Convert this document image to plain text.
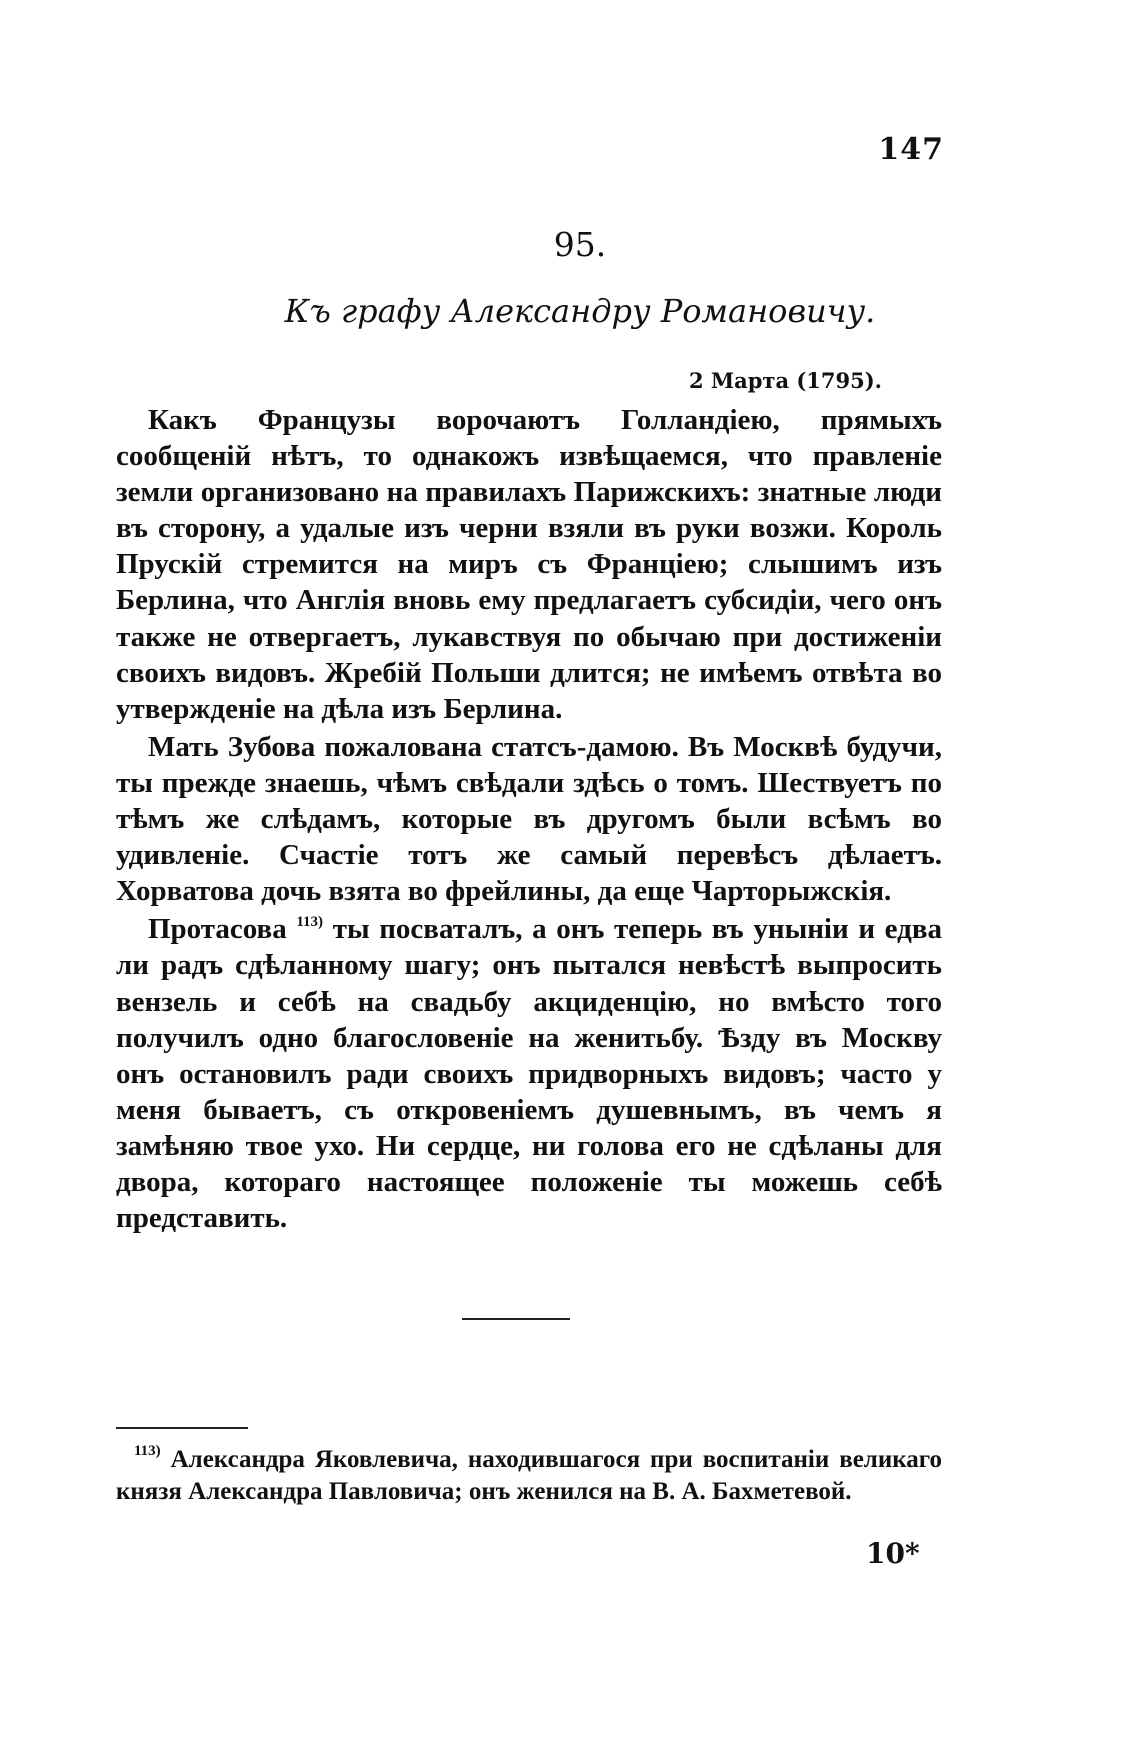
147
95.
Къ графу Александру Романовичу.
2 Марта (1795).

Какъ Французы ворочаютъ Голландiею, прямыхъ сообщенiй нѣтъ, то однакожъ извѣщаемся, что правленiе земли организовано на правилахъ Парижскихъ: знатные люди въ сторону, а удалые изъ черни взяли въ руки возжи. Король Прускiй стремится на миръ съ Францiею; слышимъ изъ Берлина, что Англiя вновь ему предлагаетъ субсидiи, чего онъ также не отвергаетъ, лукавствуя по обычаю при достиженiи своихъ видовъ. Жребiй Польши длится; не имѣемъ отвѣта во утвержденiе на дѣла изъ Берлина.

Мать Зубова пожалована статсъ-дамою. Въ Москвѣ будучи, ты прежде знаешь, чѣмъ свѣдали здѣсь о томъ. Шествуетъ по тѣмъ же слѣдамъ, которые въ другомъ были всѣмъ во удивленiе. Счастiе тотъ же самый перевѣсъ дѣлаетъ. Хорватова дочь взята во фрейлины, да еще Чарторыжскiя.

Протасова $^{113)}$ ты посваталъ, а онъ теперь въ унынiи и едва ли радъ сдѣланному шагу; онъ пытался невѣстѣ выпросить вензель и себѣ на свадьбу акциденцiю, но вмѣсто того получилъ одно благословенiе на женитьбу. Ѣзду въ Москву онъ остановилъ ради своихъ придворныхъ видовъ; часто у меня бываетъ, съ откровенiемъ душевнымъ, въ чемъ я замѣняю твое ухо. Ни сердце, ни голова его не сдѣланы для двора, котораго настоящее положенiе ты можешь себѣ представить.

$^{113)}$ Александра Яковлевича, находившагося при воспитанiи великаго князя Александра Павловича; онъ женился на В. А. Бахметевой.

10*
